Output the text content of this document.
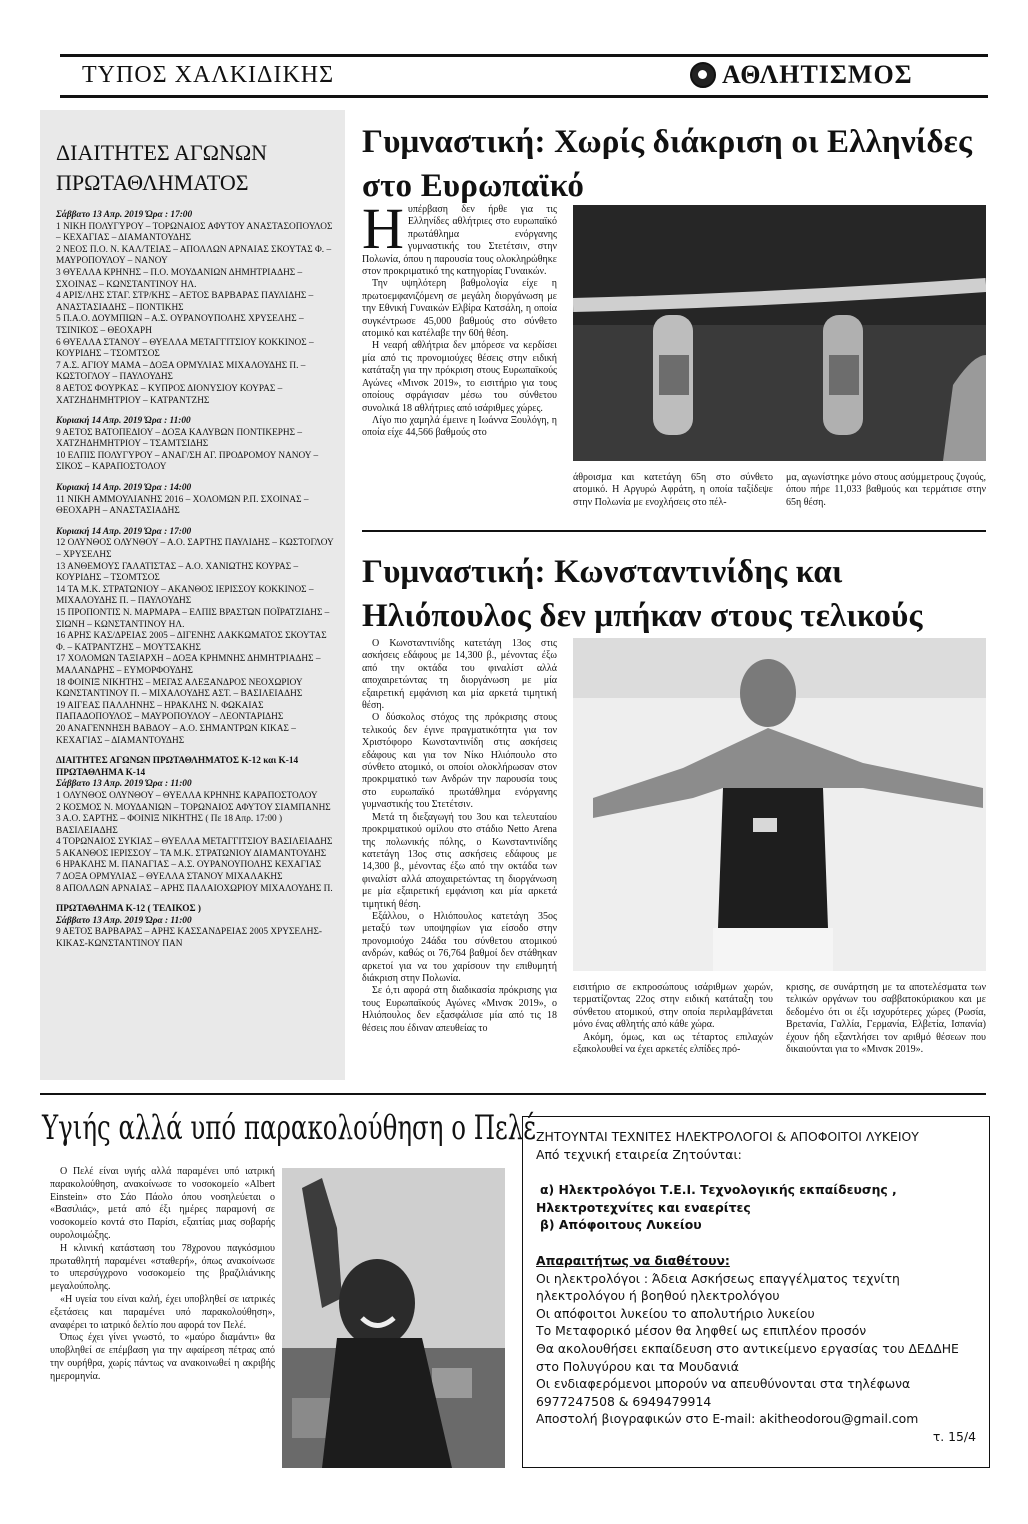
ΤΥΠΟΣ ΧΑΛΚΙΔΙΚΗΣ	ΑΘΛΗΤΙΣΜΟΣ
ΔΙΑΙΤΗΤΕΣ ΑΓΩΝΩΝ
ΠΡΩΤΑΘΛΗΜΑΤΟΣ
Σάββατο 13 Απρ. 2019 Ώρα : 17:00
1 ΝΙΚΗ ΠΟΛΥΓΥΡΟΥ – ΤΟΡΩΝΑΙΟΣ ΑΦΥΤΟΥ ΑΝΑΣΤΑΣΟΠΟΥΛΟΣ – ΚΕΧΑΓΙΑΣ – ΔΙΑΜΑΝΤΟΥΔΗΣ
2 ΝΕΟΣ Π.Ο. Ν. ΚΑΛ/ΤΕΙΑΣ – ΑΠΟΛΛΩΝ ΑΡΝΑΙΑΣ ΣΚΟΥΤΑΣ Φ. – ΜΑΥΡΟΠΟΥΛΟΥ – ΝΑΝΟΥ
3 ΘΥΕΛΛΑ ΚΡΗΝΗΣ – Π.Ο. ΜΟΥΔΑΝΙΩΝ ΔΗΜΗΤΡΙΑΔΗΣ – ΣΧΟΙΝΑΣ – ΚΩΝΣΤΑΝΤΙΝΟΥ ΗΛ.
4 ΑΡΙΣ/ΛΗΣ ΣΤΑΓ. ΣΤΡ/ΚΗΣ – ΑΕΤΟΣ ΒΑΡΒΑΡΑΣ ΠΑΥΛΙΔΗΣ – ΑΝΑΣΤΑΣΙΑΔΗΣ – ΠΟΝΤΙΚΗΣ
5 Π.Α.Ο. ΔΟΥΜΠΙΩΝ – Α.Σ. ΟΥΡΑΝΟΥΠΟΛΗΣ ΧΡΥΣΕΛΗΣ – ΤΣΙΝΙΚΟΣ – ΘΕΟΧΑΡΗ
6 ΘΥΕΛΛΑ ΣΤΑΝΟΥ – ΘΥΕΛΛΑ ΜΕΤΑΓΓΙΤΣΙΟΥ ΚΟΚΚΙΝΟΣ – ΚΟΥΡΙΔΗΣ – ΤΣΟΜΤΣΟΣ
7 Α.Σ. ΑΓΙΟΥ ΜΑΜΑ – ΔΟΞΑ ΟΡΜΥΛΙΑΣ ΜΙΧΑΛΟΥΔΗΣ Π. – ΚΩΣΤΟΓΛΟΥ – ΠΑΥΛΟΥΔΗΣ
8 ΑΕΤΟΣ ΦΟΥΡΚΑΣ – ΚΥΠΡΟΣ ΔΙΟΝΥΣΙΟΥ ΚΟΥΡΑΣ – ΧΑΤΖΗΔΗΜΗΤΡΙΟΥ – ΚΑΤΡΑΝΤΖΗΣ
Κυριακή 14 Απρ. 2019 Ώρα : 11:00
9 ΑΕΤΟΣ ΒΑΤΟΠΕΔΙΟΥ – ΔΟΞΑ ΚΑΛΥΒΩΝ ΠΟΝΤΙΚΕΡΗΣ – ΧΑΤΖΗΔΗΜΗΤΡΙΟΥ – ΤΣΑΜΤΣΙΔΗΣ
10 ΕΛΠΙΣ ΠΟΛΥΓΥΡΟΥ – ΑΝΑΓ/ΣΗ ΑΓ. ΠΡΟΔΡΟΜΟΥ ΝΑΝΟΥ – ΣΙΚΟΣ – ΚΑΡΑΠΟΣΤΟΛΟΥ
Κυριακή 14 Απρ. 2019 Ώρα : 14:00
11 ΝΙΚΗ ΑΜΜΟΥΛΙΑΝΗΣ 2016 – ΧΟΛΟΜΩΝ Ρ.Π. ΣΧΟΙΝΑΣ – ΘΕΟΧΑΡΗ – ΑΝΑΣΤΑΣΙΑΔΗΣ
Κυριακή 14 Απρ. 2019 Ώρα : 17:00
12 ΟΛΥΝΘΟΣ ΟΛΥΝΘΟΥ – Α.Ο. ΣΑΡΤΗΣ ΠΑΥΛΙΔΗΣ – ΚΩΣΤΟΓΛΟΥ – ΧΡΥΣΕΛΗΣ
13 ΑΝΘΕΜΟΥΣ ΓΑΛΑΤΙΣΤΑΣ – Α.Ο. ΧΑΝΙΩΤΗΣ ΚΟΥΡΑΣ – ΚΟΥΡΙΔΗΣ – ΤΣΟΜΤΣΟΣ
14 ΤΑ Μ.Κ. ΣΤΡΑΤΩΝΙΟΥ – ΑΚΑΝΘΟΣ ΙΕΡΙΣΣΟΥ ΚΟΚΚΙΝΟΣ – ΜΙΧΑΛΟΥΔΗΣ Π. – ΠΑΥΛΟΥΔΗΣ
15 ΠΡΟΠΟΝΤΙΣ Ν. ΜΑΡΜΑΡΑ – ΕΛΠΙΣ ΒΡΑΣΤΩΝ ΠΟΪΡΑΤΖΙΔΗΣ – ΣΙΩΝΗ – ΚΩΝΣΤΑΝΤΙΝΟΥ ΗΛ.
16 ΑΡΗΣ ΚΑΣ/ΔΡΕΙΑΣ 2005 – ΔΙΓΕΝΗΣ ΛΑΚΚΩΜΑΤΟΣ ΣΚΟΥΤΑΣ Φ. – ΚΑΤΡΑΝΤΖΗΣ – ΜΟΥΤΣΑΚΗΣ
17 ΧΟΛΟΜΩΝ ΤΑΞΙΑΡΧΗ – ΔΟΞΑ ΚΡΗΜΝΗΣ ΔΗΜΗΤΡΙΑΔΗΣ – ΜΑΛΑΝΔΡΗΣ – ΕΥΜΟΡΦΟΥΔΗΣ
18 ΦΟΙΝΙΞ ΝΙΚΗΤΗΣ – ΜΕΓΑΣ ΑΛΕΞΑΝΔΡΟΣ ΝΕΟΧΩΡΙΟΥ ΚΩΝΣΤΑΝΤΙΝΟΥ Π. – ΜΙΧΑΛΟΥΔΗΣ ΑΣΤ. – ΒΑΣΙΛΕΙΑΔΗΣ
19 ΑΙΓΕΑΣ ΠΑΛΛΗΝΗΣ – ΗΡΑΚΛΗΣ Ν. ΦΩΚΑΙΑΣ ΠΑΠΑΔΟΠΟΥΛΟΣ – ΜΑΥΡΟΠΟΥΛΟΥ – ΛΕΟΝΤΑΡΙΔΗΣ
20 ΑΝΑΓΕΝΝΗΣΗ ΒΑΒΔΟΥ – Α.Ο. ΣΗΜΑΝΤΡΩΝ ΚΙΚΑΣ – ΚΕΧΑΓΙΑΣ – ΔΙΑΜΑΝΤΟΥΔΗΣ
ΔΙΑΙΤΗΤΕΣ ΑΓΩΝΩΝ ΠΡΩΤΑΘΛΗΜΑΤΟΣ Κ-12 και Κ-14
ΠΡΩΤΑΘΛΗΜΑ Κ-14
Σάββατο 13 Απρ. 2019 Ώρα : 11:00
1 ΟΛΥΝΘΟΣ ΟΛΥΝΘΟΥ – ΘΥΕΛΛΑ ΚΡΗΝΗΣ ΚΑΡΑΠΟΣΤΟΛΟΥ
2 ΚΟΣΜΟΣ Ν. ΜΟΥΔΑΝΙΩΝ – ΤΟΡΩΝΑΙΟΣ ΑΦΥΤΟΥ ΣΙΑΜΠΑΝΗΣ
3 Α.Ο. ΣΑΡΤΗΣ – ΦΟΙΝΙΞ ΝΙΚΗΤΗΣ ( Πε 18 Απρ. 17:00 ) ΒΑΣΙΛΕΙΑΔΗΣ
4 ΤΟΡΩΝΑΙΟΣ ΣΥΚΙΑΣ – ΘΥΕΛΛΑ ΜΕΤΑΓΓΙΤΣΙΟΥ ΒΑΣΙΛΕΙΑΔΗΣ
5 ΑΚΑΝΘΟΣ ΙΕΡΙΣΣΟΥ – ΤΑ Μ.Κ. ΣΤΡΑΤΩΝΙΟΥ ΔΙΑΜΑΝΤΟΥΔΗΣ
6 ΗΡΑΚΛΗΣ Μ. ΠΑΝΑΓΙΑΣ – Α.Σ. ΟΥΡΑΝΟΥΠΟΛΗΣ ΚΕΧΑΓΙΑΣ
7 ΔΟΞΑ ΟΡΜΥΛΙΑΣ – ΘΥΕΛΛΑ ΣΤΑΝΟΥ ΜΙΧΑΛΑΚΗΣ
8 ΑΠΟΛΛΩΝ ΑΡΝΑΙΑΣ – ΑΡΗΣ ΠΑΛΑΙΟΧΩΡΙΟΥ ΜΙΧΑΛΟΥΔΗΣ Π.
ΠΡΩΤΑΘΛΗΜΑ Κ-12 ( ΤΕΛΙΚΟΣ )
Σάββατο 13 Απρ. 2019 Ώρα : 11:00
9 ΑΕΤΟΣ ΒΑΡΒΑΡΑΣ – ΑΡΗΣ ΚΑΣΣΑΝΔΡΕΙΑΣ 2005 ΧΡΥΣΕΛΗΣ-ΚΙΚΑΣ-ΚΩΝΣΤΑΝΤΙΝΟΥ ΠΑΝ
Γυμναστική: Χωρίς διάκριση οι Ελληνίδες
στο Ευρωπαϊκό
Η υπέρβαση δεν ήρθε για τις Ελληνίδες αθλήτριες στο ευρωπαϊκό πρωτάθλημα ενόργανης γυμναστικής του Στετέτσιν, στην Πολωνία, όπου η παρουσία τους ολοκληρώθηκε στον προκριματικό της κατηγορίας Γυναικών.

Την υψηλότερη βαθμολογία είχε η πρωτοεμφανιζόμενη σε μεγάλη διοργάνωση με την Εθνική Γυναικών Ελβίρα Κατσάλη, η οποία συγκέντρωσε 45,000 βαθμούς στο σύνθετο ατομικό και κατέλαβε την 60ή θέση.

Η νεαρή αθλήτρια δεν μπόρεσε να κερδίσει μία από τις προνομιούχες θέσεις στην ειδική κατάταξη για την πρόκριση στους Ευρωπαϊκούς Αγώνες «Μινσκ 2019», το εισιτήριο για τους οποίους σφράγισαν μέσω του σύνθετου συνολικά 18 αθλήτριες από ισάριθμες χώρες.

Λίγο πιο χαμηλά έμεινε η Ιωάννα Ξουλόγη, η οποία είχε 44,566 βαθμούς στο

άθροισμα και κατετάγη 65η στο σύνθετο ατομικό. Η Αργυρώ Αφράτη, η οποία ταξίδεψε στην Πολωνία με ενοχλήσεις στο πέλ-

μα, αγωνίστηκε μόνο στους ασύμμετρους ζυγούς, όπου πήρε 11,033 βαθμούς και τερμάτισε στην 65η θέση.

Γυμναστική: Κωνσταντινίδης και
Ηλιόπουλος δεν μπήκαν στους τελικούς

Ο Κωνσταντινίδης κατετάγη 13ος στις ασκήσεις εδάφους με 14,300 β., μένοντας έξω από την οκτάδα του φιναλίστ αλλά αποχαιρετώντας τη διοργάνωση με μία εξαιρετική εμφάνιση και μία αρκετά τιμητική θέση.

Ο δύσκολος στόχος της πρόκρισης στους τελικούς δεν έγινε πραγματικότητα για τον Χριστόφορο Κωνσταντινίδη στις ασκήσεις εδάφους και για τον Νίκο Ηλιόπουλο στο σύνθετο ατομικό, οι οποίοι ολοκλήρωσαν στον προκριματικό των Ανδρών την παρουσία τους στο ευρωπαϊκό πρωτάθλημα ενόργανης γυμναστικής του Στετέτσιν.

Μετά τη διεξαγωγή του 3ου και τελευταίου προκριματικού ομίλου στο στάδιο Netto Arena της πολωνικής πόλης, ο Κωνσταντινίδης κατετάγη 13ος στις ασκήσεις εδάφους με 14,300 β., μένοντας έξω από την οκτάδα των φιναλίστ αλλά αποχαιρετώντας τη διοργάνωση με μία εξαιρετική εμφάνιση και μία αρκετά τιμητική θέση.

Εξάλλου, ο Ηλιόπουλος κατετάγη 35ος μεταξύ των υποψηφίων για είσοδο στην προνομιούχο 24άδα του σύνθετου ατομικού ανδρών, καθώς οι 76,764 βαθμοί δεν στάθηκαν αρκετοί για να του χαρίσουν την επιθυμητή διάκριση στην Πολωνία.

Σε ό,τι αφορά στη διαδικασία πρόκρισης για τους Ευρωπαϊκούς Αγώνες «Μινσκ 2019», ο Ηλιόπουλος δεν εξασφάλισε μία από τις 18 θέσεις που έδιναν απευθείας το

εισιτήριο σε εκπροσώπους ισάριθμων χωρών, τερματίζοντας 22ος στην ειδική κατάταξη του σύνθετου ατομικού, στην οποία περιλαμβάνεται μόνο ένας αθλητής από κάθε χώρα.

Ακόμη, όμως, και ως τέταρτος επιλαχών εξακολουθεί να έχει αρκετές ελπίδες πρό-

κρισης, σε συνάρτηση με τα αποτελέσματα των τελικών οργάνων του σαββατοκύριακου και με δεδομένο ότι οι έξι ισχυρότερες χώρες (Ρωσία, Βρετανία, Γαλλία, Γερμανία, Ελβετία, Ισπανία) έχουν ήδη εξαντλήσει τον αριθμό θέσεων που δικαιούνται για το «Μινσκ 2019».

Υγιής αλλά υπό παρακολούθηση ο Πελέ

Ο Πελέ είναι υγιής αλλά παραμένει υπό ιατρική παρακολούθηση, ανακοίνωσε το νοσοκομείο «Albert Einstein» στο Σάο Πάολο όπου νοσηλεύεται ο «Βασιλιάς», μετά από έξι ημέρες παραμονή σε νοσοκομείο κοντά στο Παρίσι, εξαιτίας μιας σοβαρής ουρολοιμώξης.

Η κλινική κατάσταση του 78χρονου παγκόσμιου πρωταθλητή παραμένει «σταθερή», όπως ανακοίνωσε το υπερσύγχρονο νοσοκομείο της βραζιλιάνικης μεγαλούπολης.

«Η υγεία του είναι καλή, έχει υποβληθεί σε ιατρικές εξετάσεις και παραμένει υπό παρακολούθηση», αναφέρει το ιατρικό δελτίο που αφορά τον Πελέ.

Όπως έχει γίνει γνωστό, το «μαύρο διαμάντι» θα υποβληθεί σε επέμβαση για την αφαίρεση πέτρας από την ουρήθρα, χωρίς πάντως να ανακοινωθεί η ακριβής ημερομηνία.

ΖΗΤΟΥΝΤΑΙ ΤΕΧΝΙΤΕΣ ΗΛΕΚΤΡΟΛΟΓΟΙ & ΑΠΟΦΟΙΤΟΙ ΛΥΚΕΙΟΥ
Από τεχνική εταιρεία Ζητούνται:
α) Ηλεκτρολόγοι Τ.Ε.Ι. Τεχνολογικής εκπαίδευσης ,
Ηλεκτροτεχνίτες και εναερίτες
β) Απόφοιτους Λυκείου
Απαραιτήτως να διαθέτουν:
Οι ηλεκτρολόγοι : Άδεια Ασκήσεως επαγγέλματος τεχνίτη ηλεκτρολόγου ή βοηθού ηλεκτρολόγου
Οι απόφοιτοι λυκείου το απολυτήριο λυκείου
Το Μεταφορικό μέσον θα ληφθεί ως επιπλέον προσόν
Θα ακολουθήσει εκπαίδευση στο αντικείμενο εργασίας του ΔΕΔΔΗΕ στο Πολυγύρου και τα Μουδανιά
Οι ενδιαφερόμενοι μπορούν να απευθύνονται στα τηλέφωνα 6977247508 & 6949479914
Αποστολή βιογραφικών στο E-mail: akitheodorou@gmail.com
τ. 15/4
